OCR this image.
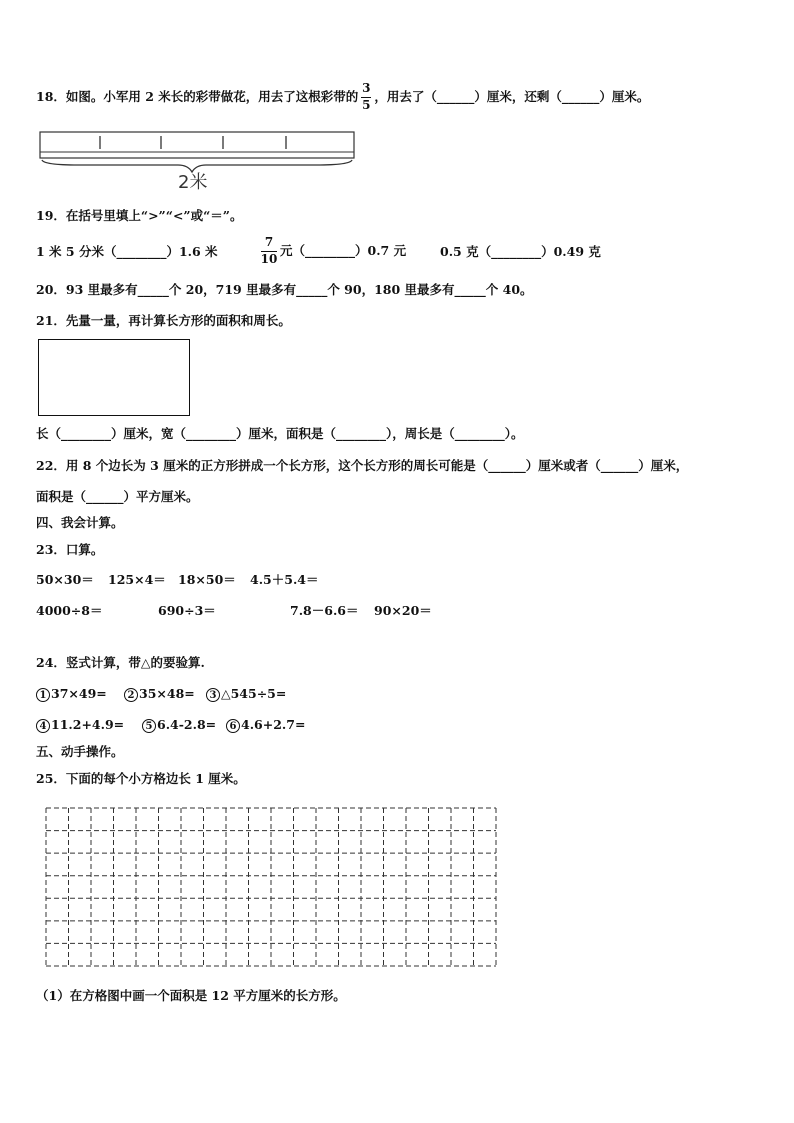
18．如图。小军用 2 米长的彩带做花，用去了这根彩带的 $\frac{3}{5}$ ，用去了（______）厘米，还剩（______）厘米。
2米
19．在括号里填上“>”“<”或“＝”。
1 米 5 分米（________）1.6 米	$\frac{7}{10}$ 元（________）0.7 元	0.5 克（________）0.49 克
20．93 里最多有_____个 20，719 里最多有_____个 90，180 里最多有_____个 40。
21．先量一量，再计算长方形的面积和周长。
长（________）厘米，宽（________）厘米，面积是（________），周长是（________）。
22．用 8 个边长为 3 厘米的正方形拼成一个长方形，这个长方形的周长可能是（______）厘米或者（______）厘米，
面积是（______）平方厘米。
四、我会计算。
23．口算。
50×30＝ 125×4＝ 18×50＝ 4.5＋5.4＝
4000÷8＝	690÷3＝	7.8－6.6＝ 90×20＝
24．竖式计算，带△的要验算.
1 37×49=	2 35×48=	3 △545÷5=
4 11.2+4.9=	5 6.4-2.8=	6 4.6+2.7=
五、动手操作。
25．下面的每个小方格边长 1 厘米。
（1）在方格图中画一个面积是 12 平方厘米的长方形。
